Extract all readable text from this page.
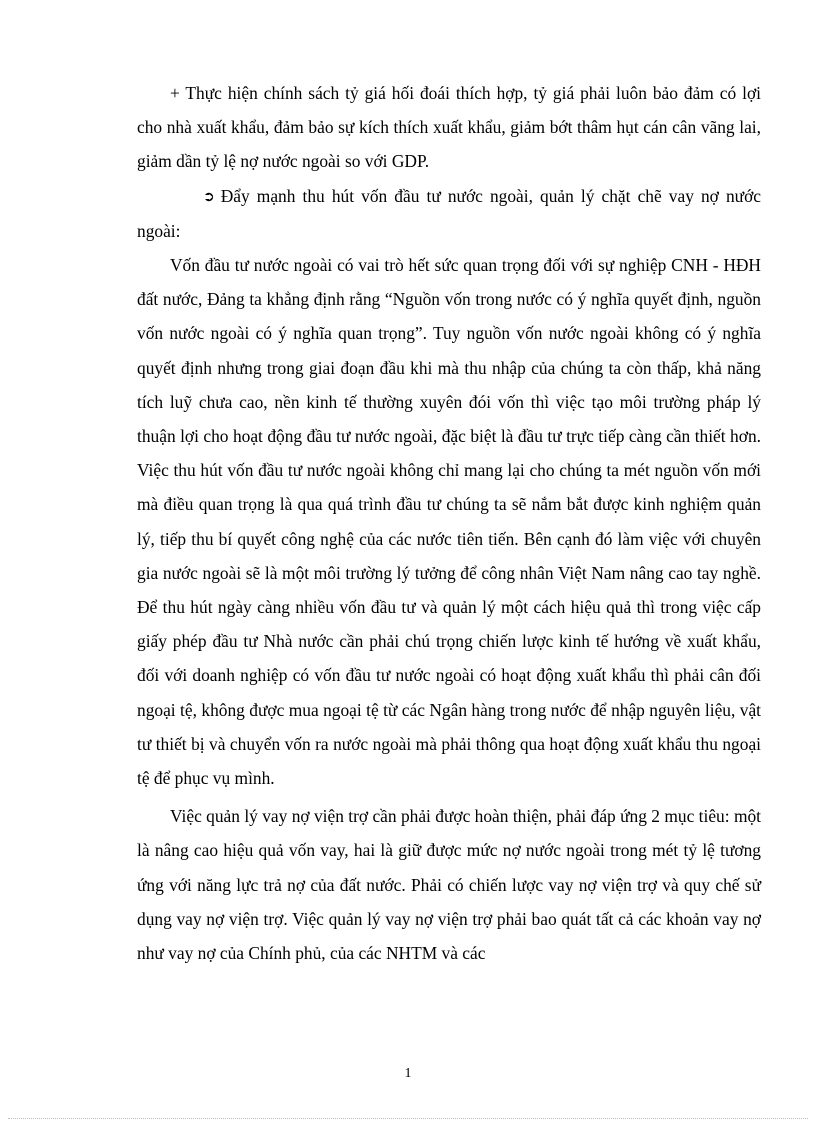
+ Thực hiện chính sách tỷ giá hối đoái thích hợp, tỷ giá phải luôn bảo đảm có lợi cho nhà xuất khẩu, đảm bảo sự kích thích xuất khẩu, giảm bớt thâm hụt cán cân vãng lai, giảm dần tỷ lệ nợ nước ngoài so với GDP.

➲ Đẩy mạnh thu hút vốn đầu tư nước ngoài, quản lý chặt chẽ vay nợ nước ngoài:

Vốn đầu tư nước ngoài có vai trò hết sức quan trọng đối với sự nghiệp CNH - HĐH đất nước, Đảng ta khẳng định rằng “Nguồn vốn trong nước có ý nghĩa quyết định, nguồn vốn nước ngoài có ý nghĩa quan trọng”. Tuy nguồn vốn nước ngoài không có ý nghĩa quyết định nhưng trong giai đoạn đầu khi mà thu nhập của chúng ta còn thấp, khả năng tích luỹ chưa cao, nền kinh tế thường xuyên đói vốn thì việc tạo môi trường pháp lý thuận lợi cho hoạt động đầu tư nước ngoài, đặc biệt là đầu tư trực tiếp càng cần thiết hơn. Việc thu hút vốn đầu tư nước ngoài không chỉ mang lại cho chúng ta mét nguồn vốn mới mà điều quan trọng là qua quá trình đầu tư chúng ta sẽ nắm bắt được kinh nghiệm quản lý, tiếp thu bí quyết công nghệ của các nước tiên tiến. Bên cạnh đó làm việc với chuyên gia nước ngoài sẽ là một môi trường lý tưởng để công nhân Việt Nam nâng cao tay nghề. Để thu hút ngày càng nhiều vốn đầu tư và quản lý một cách hiệu quả thì trong việc cấp giấy phép đầu tư Nhà nước cần phải chú trọng chiến lược kinh tế hướng về xuất khẩu, đối với doanh nghiệp có vốn đầu tư nước ngoài có hoạt động xuất khẩu thì phải cân đối ngoại tệ, không được mua ngoại tệ từ các Ngân hàng trong nước để nhập nguyên liệu, vật tư thiết bị và chuyển vốn ra nước ngoài mà phải thông qua hoạt động xuất khẩu thu ngoại tệ để phục vụ mình.

Việc quản lý vay nợ viện trợ cần phải được hoàn thiện, phải đáp ứng 2 mục tiêu: một là nâng cao hiệu quả vốn vay, hai là giữ được mức nợ nước ngoài trong mét tỷ lệ tương ứng với năng lực trả nợ của đất nước. Phải có chiến lược vay nợ viện trợ và quy chế sử dụng vay nợ viện trợ. Việc quản lý vay nợ viện trợ phải bao quát tất cả các khoản vay nợ như vay nợ của Chính phủ, của các NHTM và các

1
